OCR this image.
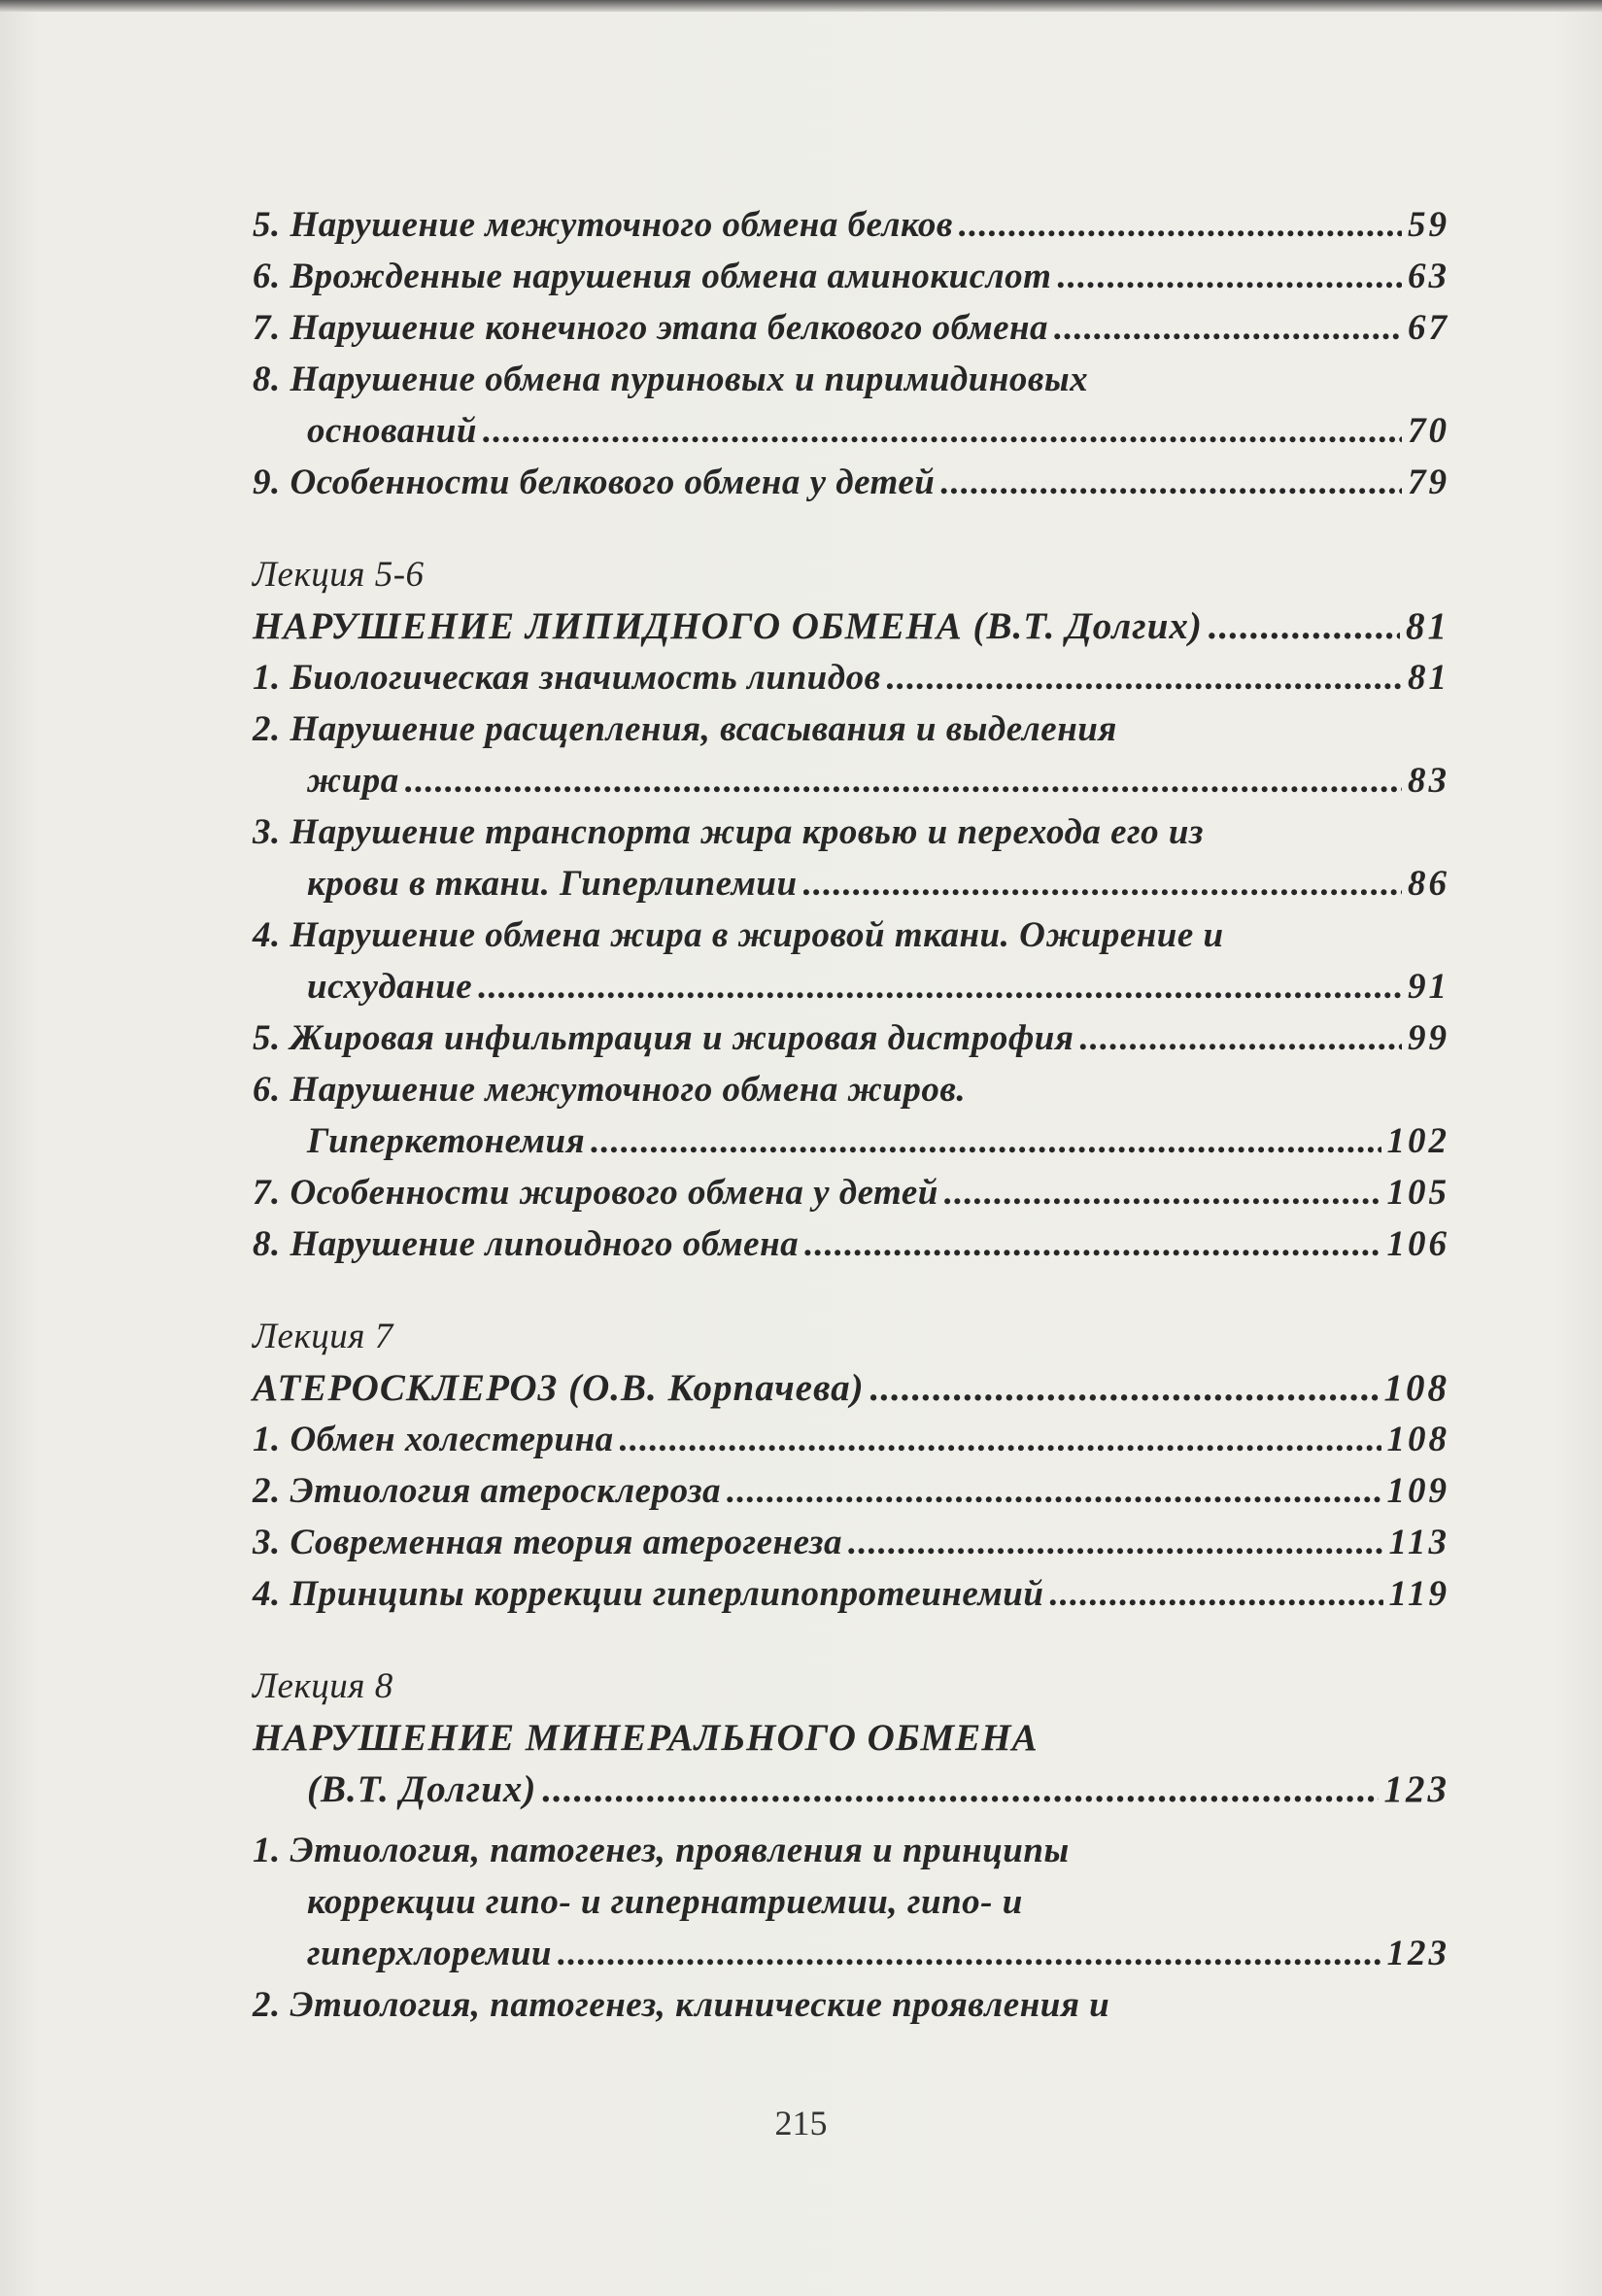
5. Нарушение межуточного обмена белков .....	59
6. Врожденные нарушения обмена аминокислот .....	63
7. Нарушение конечного этапа белкового обмена .....	67
8. Нарушение обмена пуриновых и пиримидиновых
оснований .....	70
9. Особенности белкового обмена у детей .....	79
Лекция 5-6
НАРУШЕНИЕ ЛИПИДНОГО ОБМЕНА (В.Т. Долгих) .....	81
1. Биологическая значимость липидов .....	81
2. Нарушение расщепления, всасывания и выделения
жира .....	83
3. Нарушение транспорта жира кровью и перехода его из
крови в ткани. Гиперлипемии .....	86
4. Нарушение обмена жира в жировой ткани. Ожирение и
исхудание .....	91
5. Жировая инфильтрация и жировая дистрофия .....	99
6. Нарушение межуточного обмена жиров.
Гиперкетонемия .....	102
7. Особенности жирового обмена у детей .....	105
8. Нарушение липоидного обмена .....	106
Лекция 7
АТЕРОСКЛЕРОЗ (О.В. Корпачева) .....	108
1. Обмен холестерина .....	108
2. Этиология атеросклероза .....	109
3. Современная теория атерогенеза .....	113
4. Принципы коррекции гиперлипопротеинемий .....	119
Лекция 8
НАРУШЕНИЕ МИНЕРАЛЬНОГО ОБМЕНА
(В.Т. Долгих) .....	123
1. Этиология, патогенез, проявления и принципы
коррекции гипо- и гипернатриемии, гипо- и
гиперхлоремии .....	123
2. Этиология, патогенез, клинические проявления и
215
